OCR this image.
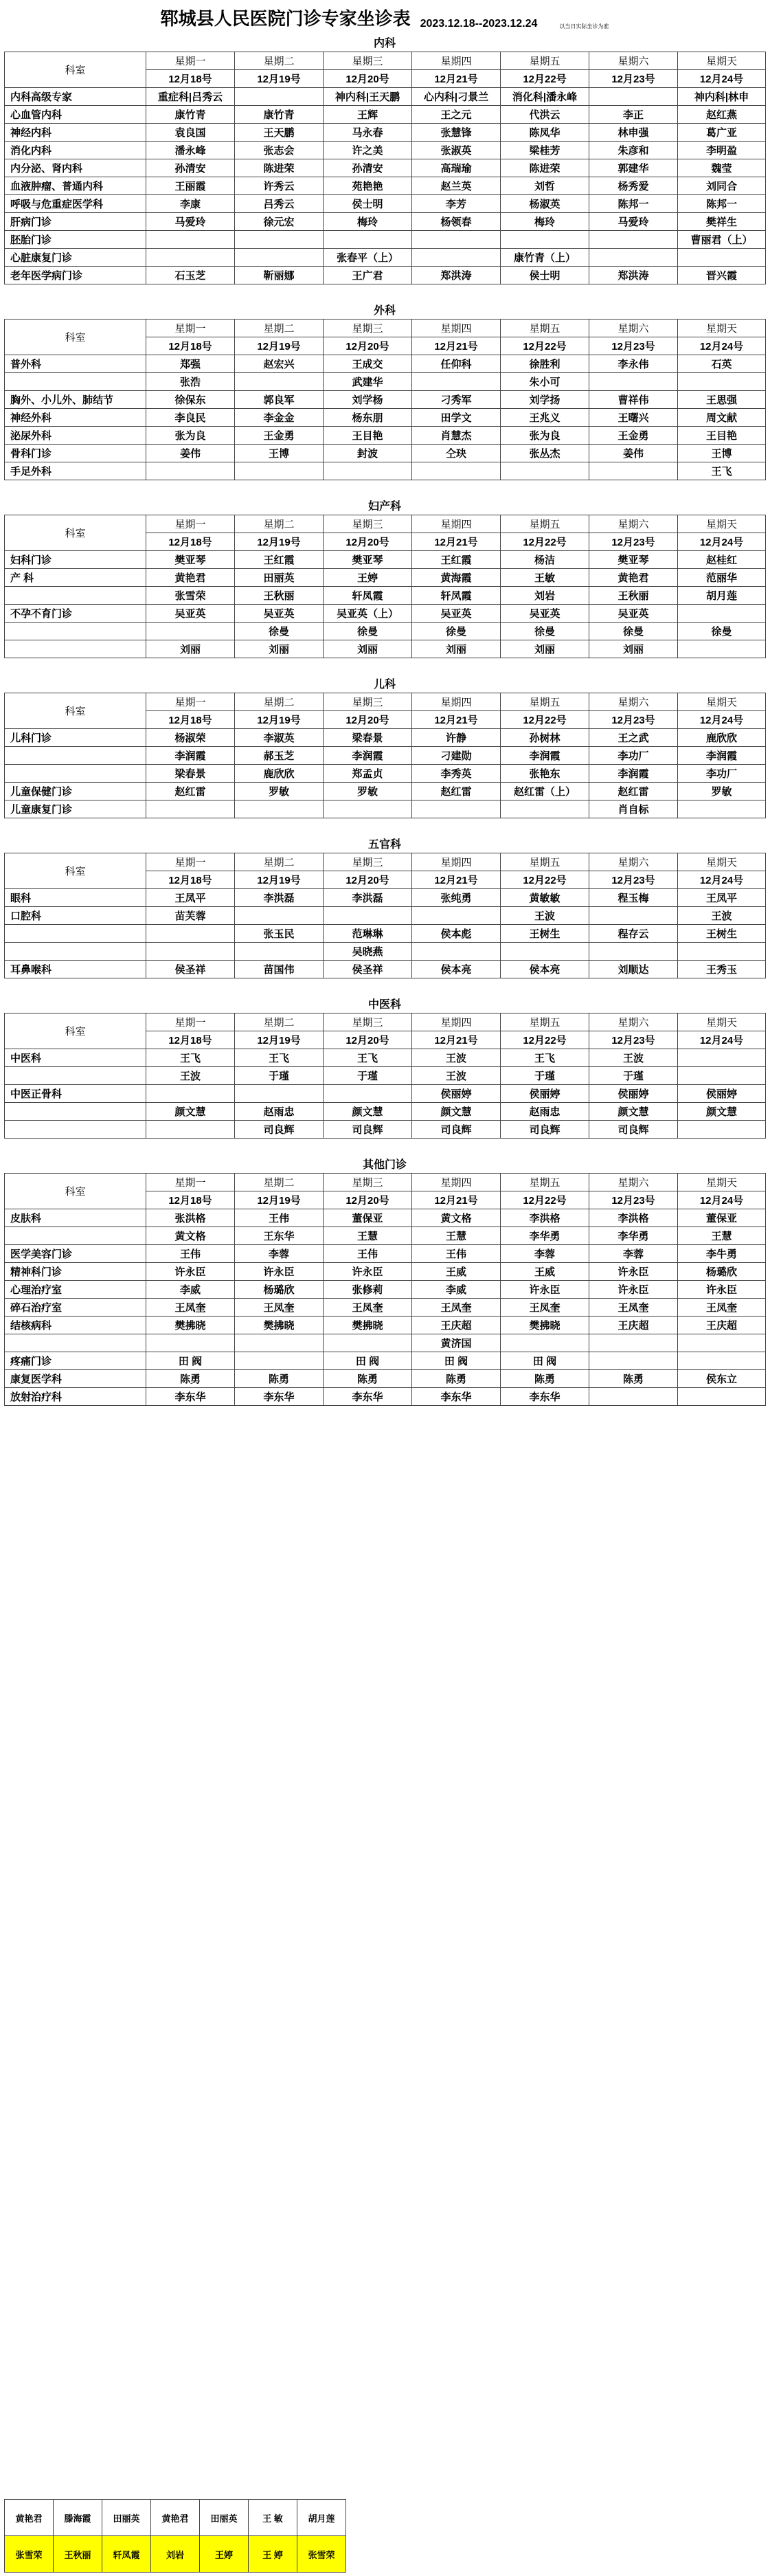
郓城县人民医院门诊专家坐诊表 2023.12.18--2023.12.24	以当日实际坐诊为准
内科
科室	星期一	星期二	星期三	星期四	星期五	星期六	星期天
	12月18号	12月19号	12月20号	12月21号	12月22号	12月23号	12月24号
内科高级专家	重症科|吕秀云		神内科|王天鹏	心内科|刁景兰	消化科|潘永峰		神内科|林申
心血管内科	康竹青	康竹青	王辉	王之元	代洪云	李正	赵红燕
神经内科	袁良国	王天鹏	马永春	张慧锋	陈凤华	林申强	葛广亚
消化内科	潘永峰	张志会	许之美	张淑英	梁桂芳	朱彦和	李明盈
内分泌、肾内科	孙清安	陈进荣	孙清安	高瑞瑜	陈进荣	郭建华	魏莹
血液肿瘤、普通内科	王丽霞	许秀云	苑艳艳	赵兰英	刘哲	杨秀爱	刘同合
呼吸与危重症医学科	李康	吕秀云	侯士明	李芳	杨淑英	陈邦一	陈邦一
肝病门诊	马爱玲	徐元宏	梅玲	杨领春	梅玲	马爱玲	樊祥生
胚胎门诊							曹丽君（上）
心脏康复门诊			张春平（上）		康竹青（上）		
老年医学病门诊	石玉芝	靳丽娜	王广君	郑洪涛	侯士明	郑洪涛	晋兴霞
外科
科室	星期一	星期二	星期三	星期四	星期五	星期六	星期天
	12月18号	12月19号	12月20号	12月21号	12月22号	12月23号	12月24号
普外科	郑强	赵宏兴	王成交	任仰科	徐胜利	李永伟	石英
	张浩		武建华		朱小可		
胸外、小儿外、肺结节	徐保东	郭良军	刘学杨	刁秀军	刘学扬	曹祥伟	王思强
神经外科	李良民	李金金	杨东朋	田学文	王兆义	王曙兴	周文献
泌尿外科	张为良	王金勇	王目艳	肖慧杰	张为良	王金勇	王目艳
骨科门诊	姜伟	王博	封波	仝玦	张丛杰	姜伟	王博
手足外科							王飞
妇产科
科室	星期一	星期二	星期三	星期四	星期五	星期六	星期天
	12月18号	12月19号	12月20号	12月21号	12月22号	12月23号	12月24号
妇科门诊	樊亚琴	王红霞	樊亚琴	王红霞	杨洁	樊亚琴	赵桂红
产 科	黄艳君	田丽英	王婷	黄海霞	王敏	黄艳君	范丽华
	张雪荣	王秋丽	轩凤霞	轩凤霞	刘岩	王秋丽	胡月莲
不孕不育门诊	吴亚英	吴亚英	吴亚英（上）	吴亚英	吴亚英	吴亚英	
		徐曼	徐曼	徐曼	徐曼	徐曼	徐曼
	刘丽	刘丽	刘丽	刘丽	刘丽	刘丽	
儿科
科室	星期一	星期二	星期三	星期四	星期五	星期六	星期天
	12月18号	12月19号	12月20号	12月21号	12月22号	12月23号	12月24号
儿科门诊	杨淑荣	李淑英	梁春景	许静	孙树林	王之武	鹿欣欣
	李润霞	郝玉芝	李润霞	刁建勋	李润霞	李功厂	李润霞
	梁春景	鹿欣欣	郑孟贞	李秀英	张艳东	李润霞	李功厂
儿童保健门诊	赵红雷	罗敏	罗敏	赵红雷	赵红雷（上）	赵红雷	罗敏
儿童康复门诊						肖自标	
五官科
科室	星期一	星期二	星期三	星期四	星期五	星期六	星期天
	12月18号	12月19号	12月20号	12月21号	12月22号	12月23号	12月24号
眼科	王凤平	李洪磊	李洪磊	张纯勇	黄敏敏	程玉梅	王凤平
口腔科	苗芙蓉				王波		王波
		张玉民	范琳琳	侯本彪	王树生	程存云	王树生
			吴晓燕				
耳鼻喉科	侯圣祥	苗国伟	侯圣祥	侯本亮	侯本亮	刘顺达	王秀玉
中医科
科室	星期一	星期二	星期三	星期四	星期五	星期六	星期天
	12月18号	12月19号	12月20号	12月21号	12月22号	12月23号	12月24号
中医科	王飞	王飞	王飞	王波	王飞	王波	
	王波	于瑾	于瑾	王波	于瑾	于瑾	
中医正骨科				侯丽婷	侯丽婷	侯丽婷	侯丽婷
	颜文慧	赵雨忠	颜文慧	颜文慧	赵雨忠	颜文慧	颜文慧
		司良辉	司良辉	司良辉	司良辉	司良辉	
其他门诊
科室	星期一	星期二	星期三	星期四	星期五	星期六	星期天
	12月18号	12月19号	12月20号	12月21号	12月22号	12月23号	12月24号
皮肤科	张洪格	王伟	董保亚	黄文格	李洪格	李洪格	董保亚
	黄文格	王东华	王慧	王慧	李华勇	李华勇	王慧
医学美容门诊	王伟	李蓉	王伟	王伟	李蓉	李蓉	李牛勇
精神科门诊	许永臣	许永臣	许永臣	王威	王威	许永臣	杨璐欣
心理治疗室	李威	杨璐欣	张修莉	李威	许永臣	许永臣	许永臣
碎石治疗室	王凤奎	王凤奎	王凤奎	王凤奎	王凤奎	王凤奎	王凤奎
结核病科	樊拂晓	樊拂晓	樊拂晓	王庆超	樊拂晓	王庆超	王庆超
				黄济国			
疼痛门诊	田 阀		田 阀	田 阀	田 阀		
康复医学科	陈勇	陈勇	陈勇	陈勇	陈勇	陈勇	侯东立
放射治疗科	李东华	李东华	李东华	李东华	李东华		
黄艳君	滕海霞	田丽英	黄艳君	田丽英	王 敏	胡月莲
张雪荣	王秋丽	轩凤霞	刘岩	王婷	王 婷	张雪荣
